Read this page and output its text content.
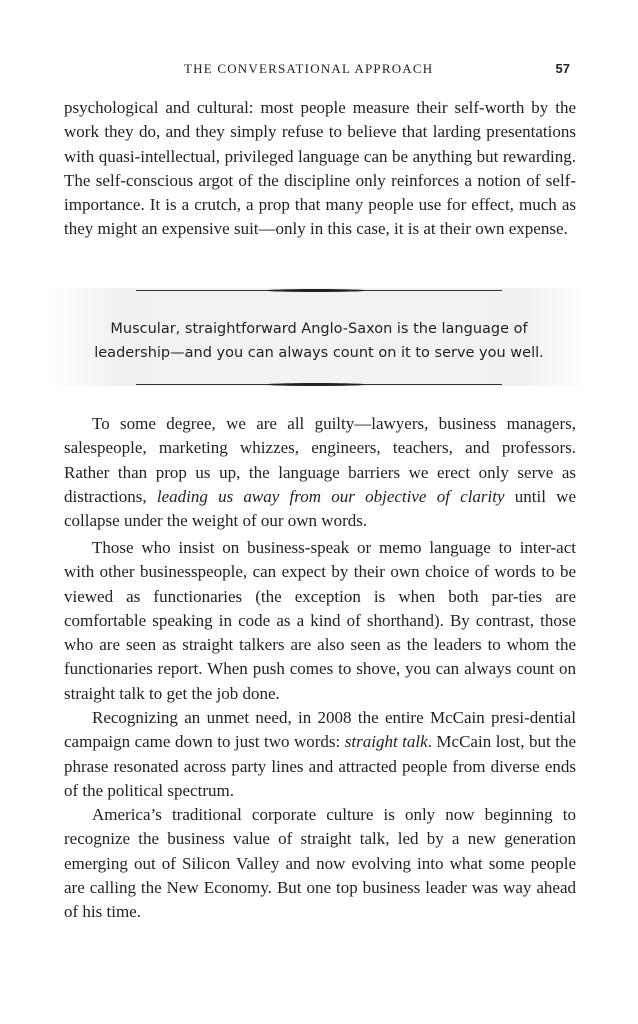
THE CONVERSATIONAL APPROACH	57

psychological and cultural: most people measure their self-worth by the work they do, and they simply refuse to believe that larding presentations with quasi-intellectual, privileged language can be anything but rewarding. The self-conscious argot of the discipline only reinforces a notion of self-importance. It is a crutch, a prop that many people use for effect, much as they might an expensive suit—only in this case, it is at their own expense.

Muscular, straightforward Anglo-Saxon is the language of
leadership—and you can always count on it to serve you well.

To some degree, we are all guilty—lawyers, business managers, salespeople, marketing whizzes, engineers, teachers, and professors. Rather than prop us up, the language barriers we erect only serve as distractions, leading us away from our objective of clarity until we collapse under the weight of our own words.

Those who insist on business-speak or memo language to inter-act with other businesspeople, can expect by their own choice of words to be viewed as functionaries (the exception is when both par-ties are comfortable speaking in code as a kind of shorthand). By contrast, those who are seen as straight talkers are also seen as the leaders to whom the functionaries report. When push comes to shove, you can always count on straight talk to get the job done.

Recognizing an unmet need, in 2008 the entire McCain presi-dential campaign came down to just two words: straight talk. McCain lost, but the phrase resonated across party lines and attracted people from diverse ends of the political spectrum.

America’s traditional corporate culture is only now beginning to recognize the business value of straight talk, led by a new generation emerging out of Silicon Valley and now evolving into what some people are calling the New Economy. But one top business leader was way ahead of his time.
